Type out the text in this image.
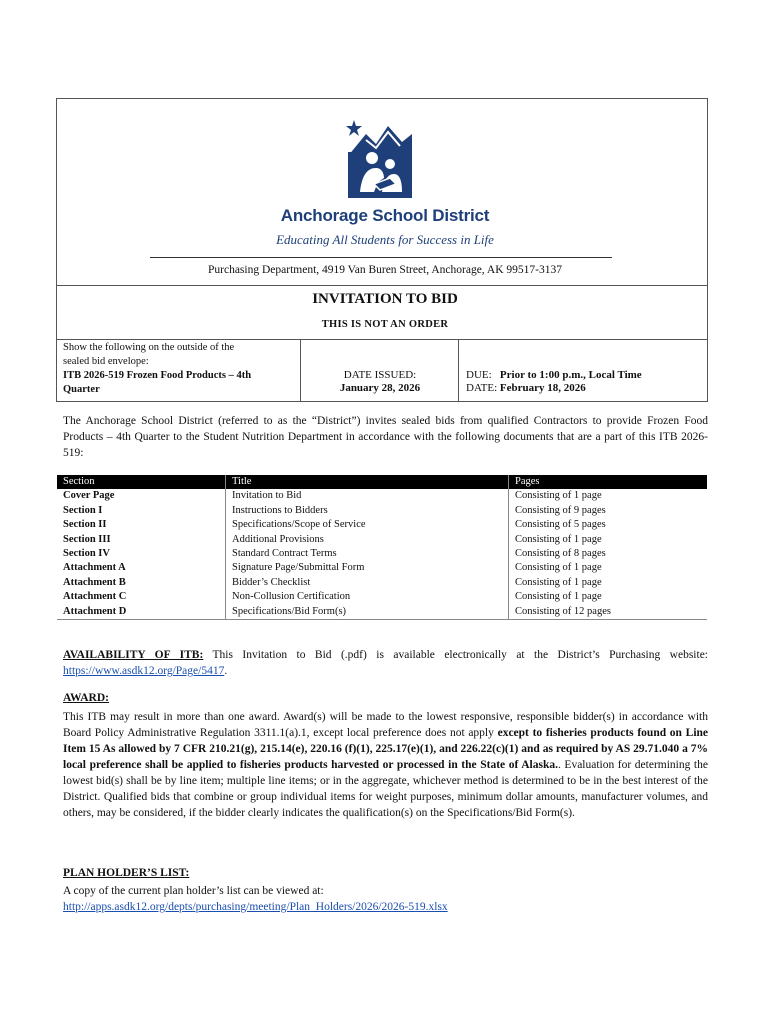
Anchorage School District
Educating All Students for Success in Life
Purchasing Department, 4919 Van Buren Street, Anchorage, AK 99517-3137
INVITATION TO BID
THIS IS NOT AN ORDER
Show the following on the outside of the
sealed bid envelope:
ITB 2026-519 Frozen Food Products – 4th
Quarter
DATE ISSUED:
January 28, 2026
DUE: Prior to 1:00 p.m., Local Time
DATE: February 18, 2026
The Anchorage School District (referred to as the “District”) invites sealed bids from qualified Contractors to provide Frozen Food Products – 4th Quarter to the Student Nutrition Department in accordance with the following documents that are a part of this ITB 2026-519:
Section	Title	Pages
Cover Page	Invitation to Bid	Consisting of 1 page
Section I	Instructions to Bidders	Consisting of 9 pages
Section II	Specifications/Scope of Service	Consisting of 5 pages
Section III	Additional Provisions	Consisting of 1 page
Section IV	Standard Contract Terms	Consisting of 8 pages
Attachment A	Signature Page/Submittal Form	Consisting of 1 page
Attachment B	Bidder’s Checklist	Consisting of 1 page
Attachment C	Non-Collusion Certification	Consisting of 1 page
Attachment D	Specifications/Bid Form(s)	Consisting of 12 pages
AVAILABILITY OF ITB: This Invitation to Bid (.pdf) is available electronically at the District’s Purchasing website: https://www.asdk12.org/Page/5417.
AWARD:
This ITB may result in more than one award. Award(s) will be made to the lowest responsive, responsible bidder(s) in accordance with Board Policy Administrative Regulation 3311.1(a).1, except local preference does not apply except to fisheries products found on Line Item 15 As allowed by 7 CFR 210.21(g), 215.14(e), 220.16 (f)(1), 225.17(e)(1), and 226.22(c)(1) and as required by AS 29.71.040 a 7% local preference shall be applied to fisheries products harvested or processed in the State of Alaska.. Evaluation for determining the lowest bid(s) shall be by line item; multiple line items; or in the aggregate, whichever method is determined to be in the best interest of the District. Qualified bids that combine or group individual items for weight purposes, minimum dollar amounts, manufacturer volumes, and others, may be considered, if the bidder clearly indicates the qualification(s) on the Specifications/Bid Form(s).
PLAN HOLDER’S LIST:
A copy of the current plan holder’s list can be viewed at:
http://apps.asdk12.org/depts/purchasing/meeting/Plan_Holders/2026/2026-519.xlsx
